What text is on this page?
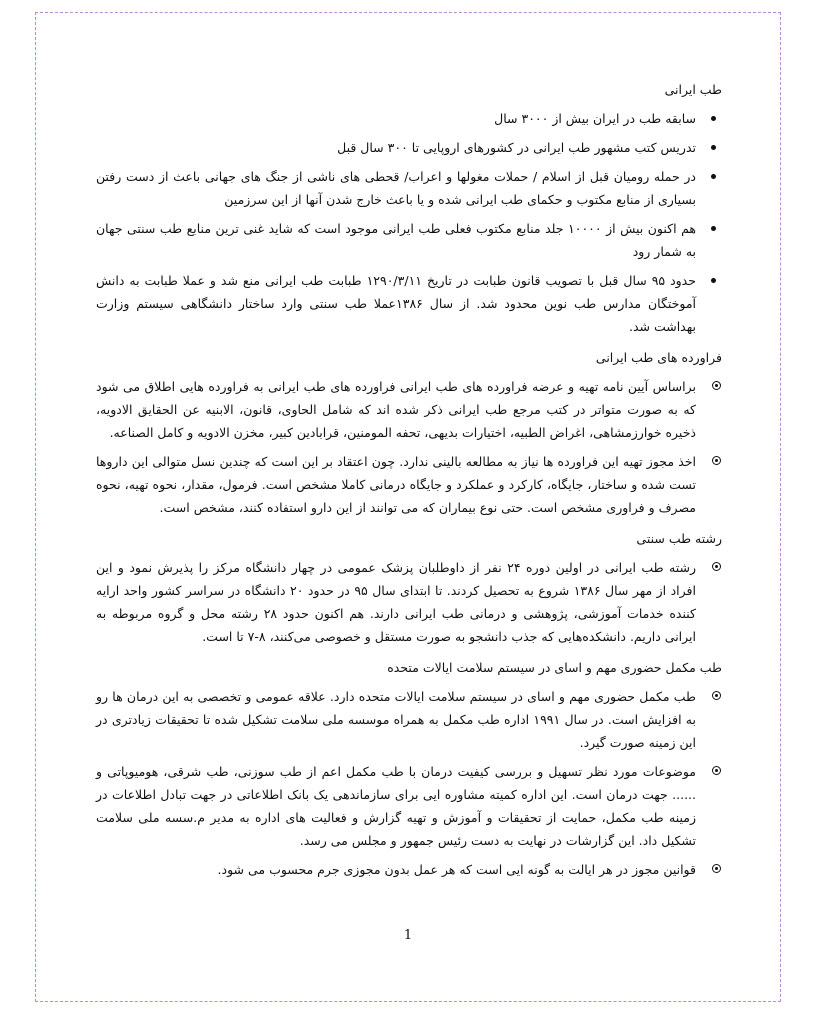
طب ایرانی
سابقه طب در ایران بیش از ۳۰۰۰ سال
تدریس کتب مشهور طب ایرانی در کشورهای اروپایی تا ۳۰۰ سال قبل
در حمله رومیان قبل از اسلام / حملات مغولها و اعراب/ قحطی های ناشی از جنگ های جهانی باعث از دست رفتن بسیاری از منابع مکتوب و حکمای طب ایرانی شده و یا باعث خارج شدن آنها از این سرزمین
هم اکنون بیش از ۱۰۰۰۰ جلد منابع مکتوب فعلی طب ایرانی موجود است که شاید غنی ترین منابع طب سنتی جهان به شمار رود
حدود ۹۵ سال قبل با تصویب قانون طبابت در تاریخ ۱۲۹۰/۳/۱۱ طبابت طب ایرانی منع شد و عملا طبابت به دانش آموختگان مدارس طب نوین محدود شد. از سال ۱۳۸۶عملا طب سنتی وارد ساختار دانشگاهی سیستم وزارت بهداشت شد.
فراورده های طب ایرانی
براساس آیین نامه تهیه و عرضه فراورده های طب ایرانی فراورده های طب ایرانی به فراورده هایی اطلاق می شود که به صورت متواتر در کتب مرجع طب ایرانی ذکر شده اند که شامل الحاوی، قانون، الابنیه عن الحقایق الادویه، ذخیره خوارزمشاهی، اغراض الطبیه، اختیارات بدیهی، تحفه المومنین، قرابادین کبیر، مخزن الادویه و کامل الصناعه.
اخذ مجوز تهیه این فراورده ها نیاز به مطالعه بالینی ندارد. چون اعتقاد بر این است که چندین نسل متوالی این داروها تست شده و ساختار، جایگاه، کارکرد و عملکرد و جایگاه درمانی کاملا مشخص است. فرمول، مقدار، نحوه تهیه، نحوه مصرف و فراوری مشخص است. حتی نوع بیماران که می توانند از این دارو استفاده کنند، مشخص است.
رشته طب سنتی
رشته طب ایرانی در اولین دوره ۲۴ نفر از داوطلبان پزشک عمومی در چهار دانشگاه مرکز را پذیرش نمود و این افراد از مهر سال ۱۳۸۶ شروع به تحصیل کردند. تا ابتدای سال ۹۵ در حدود ۲۰ دانشگاه در سراسر کشور واحد ارایه کننده خدمات آموزشی، پژوهشی و درمانی طب ایرانی دارند. هم اکنون حدود ۲۸ رشته محل و گروه مربوطه به ایرانی داریم. دانشکده‌هایی که جذب دانشجو به صورت مستقل و خصوصی می‌کنند، ۸-۷ تا است.
طب مکمل حضوری مهم و اسای در سیستم سلامت ایالات متحده
طب مکمل حضوری مهم و اسای در سیستم سلامت ایالات متحده دارد. علاقه عمومی و تخصصی به این درمان ها رو به افزایش است. در سال ۱۹۹۱ اداره طب مکمل به همراه موسسه ملی سلامت تشکیل شده تا تحقیقات زیادتری در این زمینه صورت گیرد.
موضوعات مورد نظر تسهیل و بررسی کیفیت درمان با طب مکمل اعم از طب سوزنی، طب شرقی، هومیوپاتی و ...... جهت درمان است. این اداره کمیته مشاوره ایی برای سازماندهی یک بانک اطلاعاتی در جهت تبادل اطلاعات در زمینه طب مکمل، حمایت از تحقیقات و آموزش و تهیه گزارش و فعالیت های اداره به مدیر م.سسه ملی سلامت تشکیل داد. این گزارشات در نهایت به دست رئیس جمهور و مجلس می رسد.
قوانین مجوز در هر ایالت به گونه ایی است که هر عمل بدون مجوزی جرم محسوب می شود.
1
